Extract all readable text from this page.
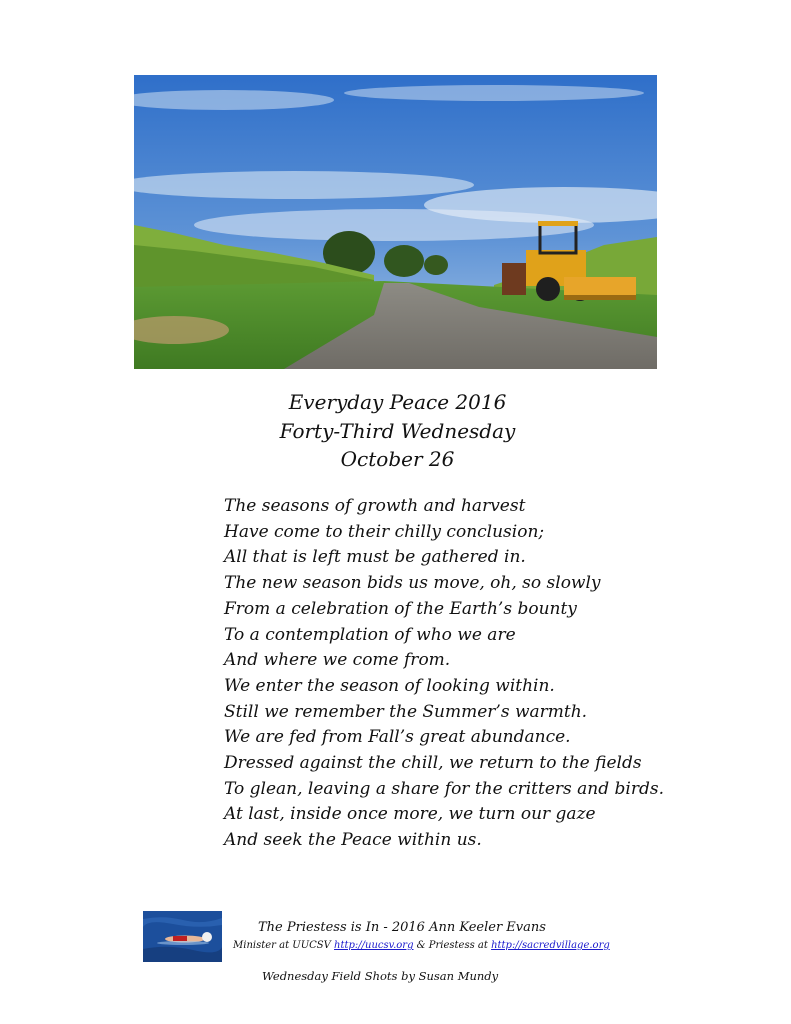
Everyday Peace 2016
Forty-Third Wednesday
October 26
The seasons of growth and harvest
Have come to their chilly conclusion;
All that is left must be gathered in.
The new season bids us move, oh, so slowly
From a celebration of the Earth’s bounty
To a contemplation of who we are
And where we come from.
We enter the season of looking within.
Still we remember the Summer’s warmth.
We are fed from Fall’s great abundance.
Dressed against the chill, we return to the fields
To glean, leaving a share for the critters and birds.
At last, inside once more, we turn our gaze
And seek the Peace within us.
The Priestess is In - 2016 Ann Keeler Evans
Minister at UUCSV http://uucsv.org & Priestess at http://sacredvillage.org
Wednesday Field Shots by Susan Mundy
